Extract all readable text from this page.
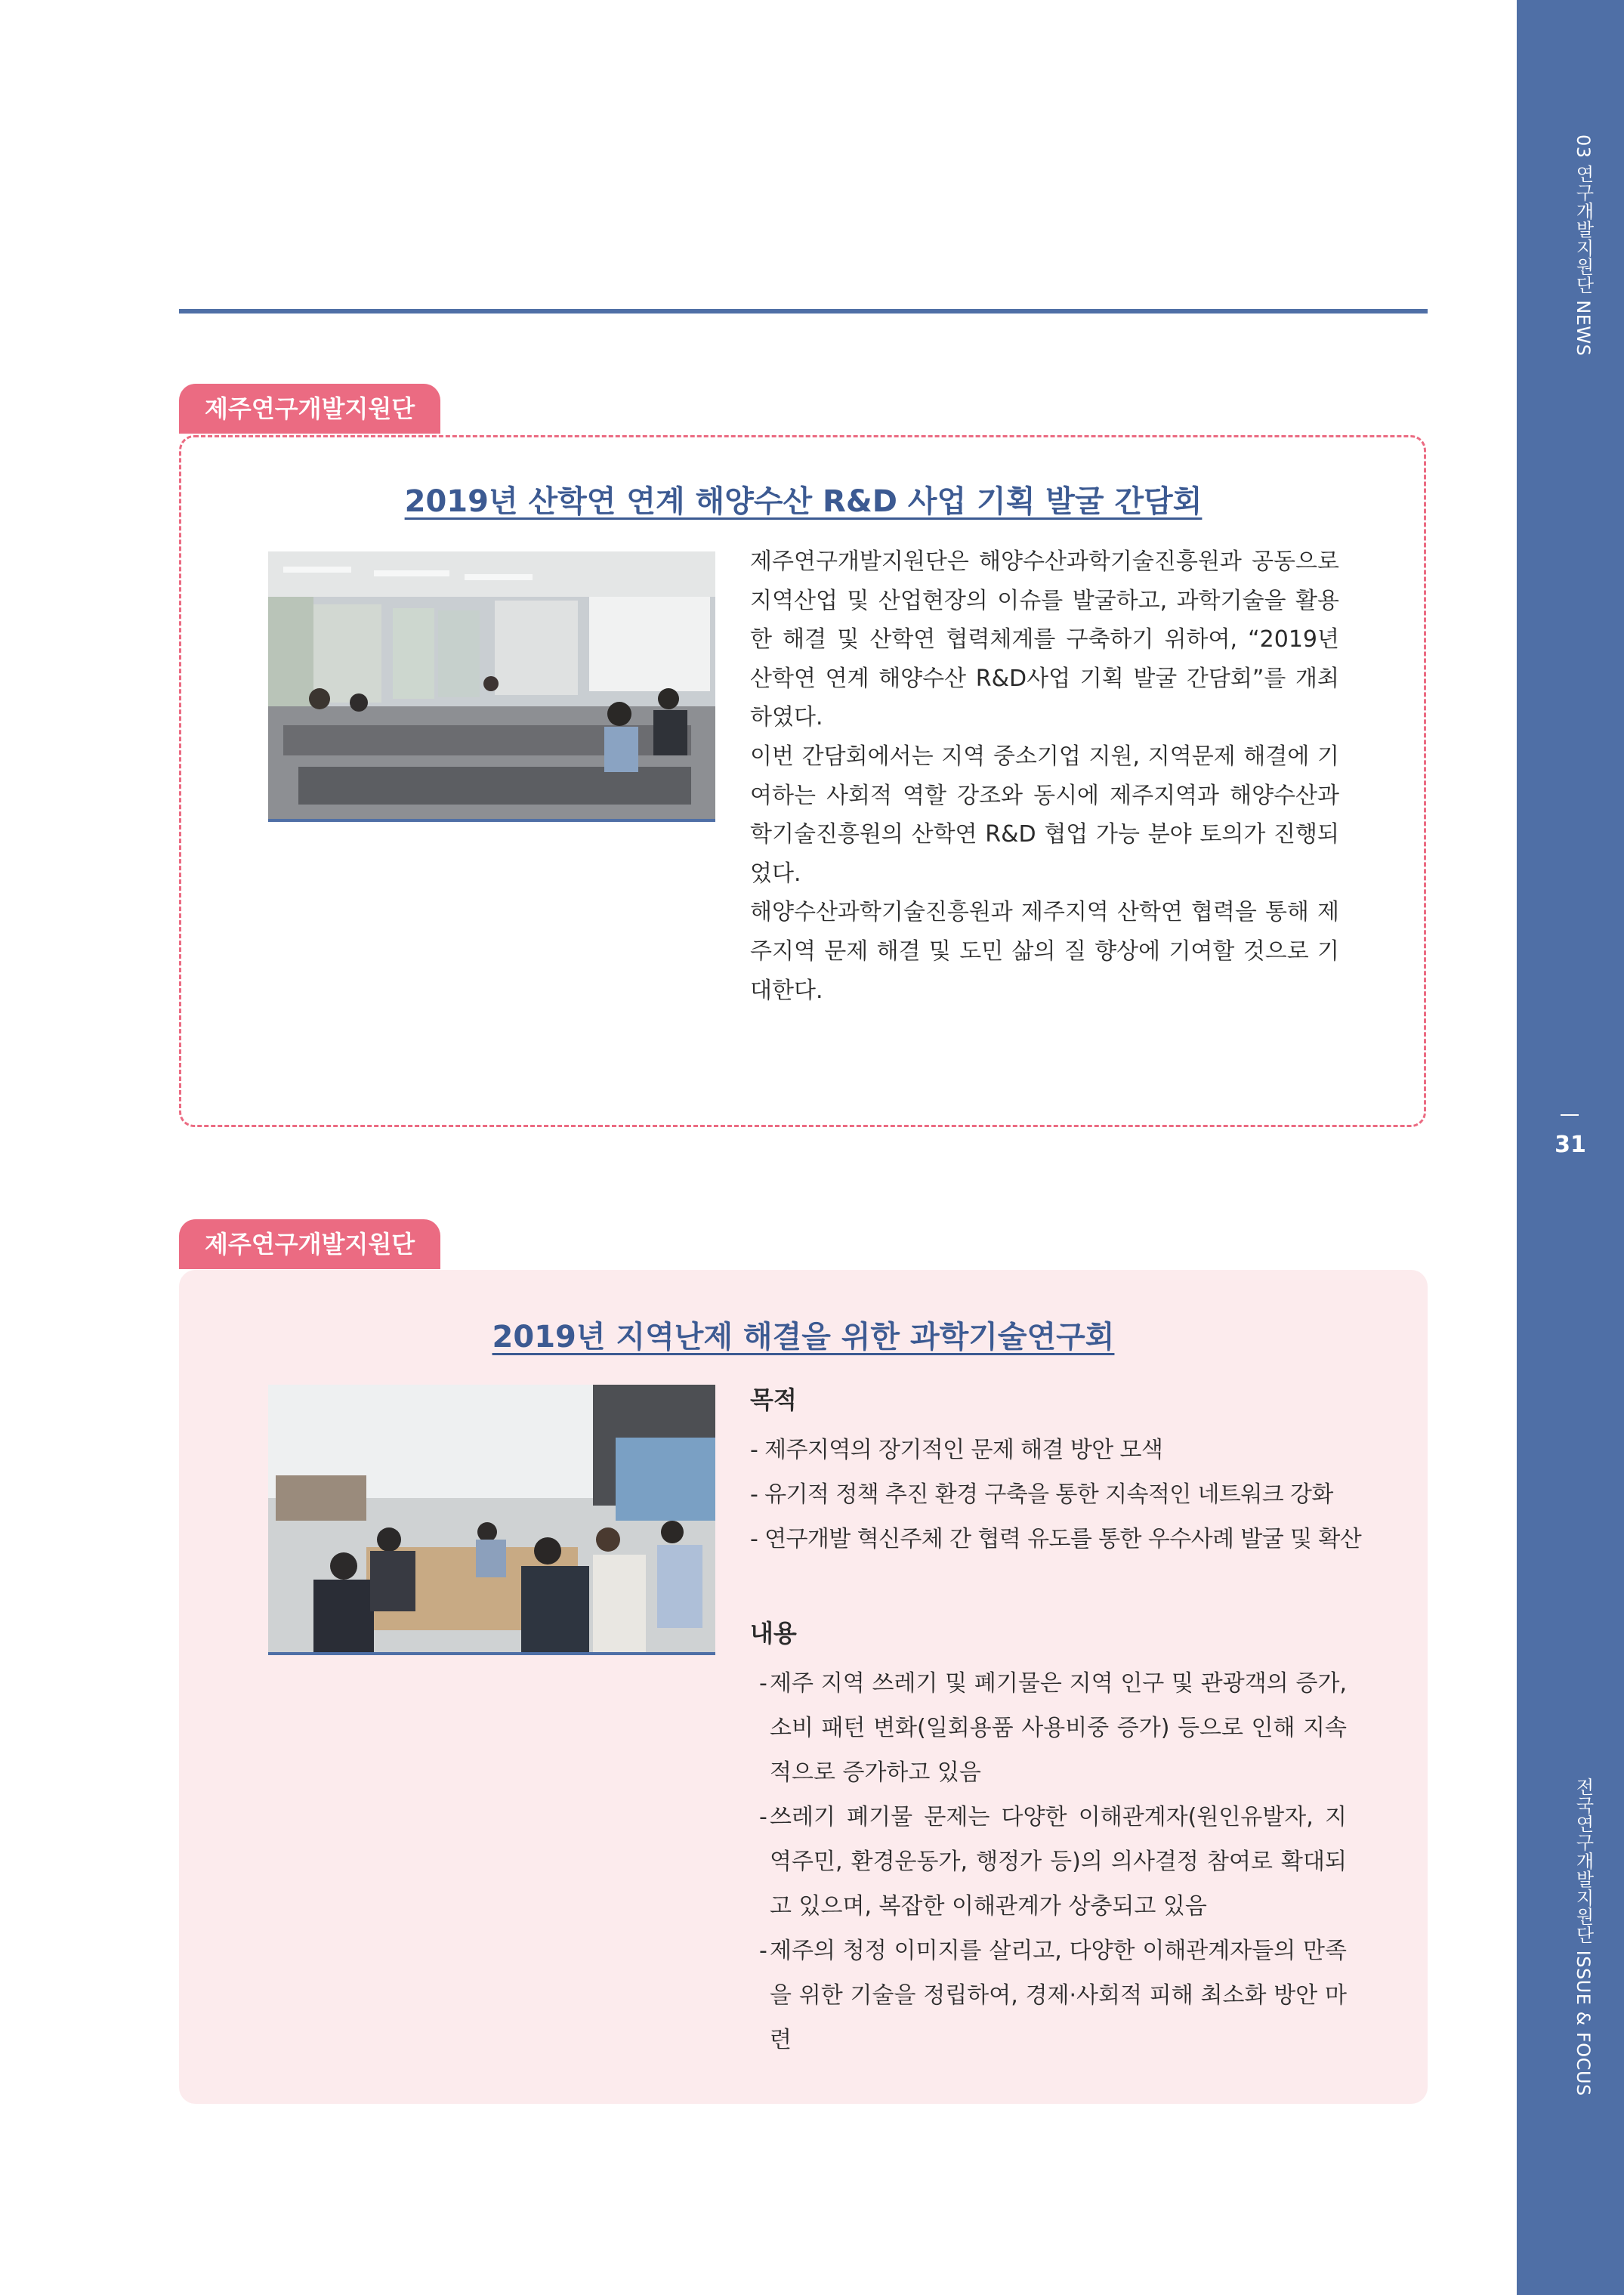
03 연구개발지원단 NEWS
31
전국연구개발지원단 ISSUE & FOCUS
제주연구개발지원단
2019년 산학연 연계 해양수산 R&D 사업 기획 발굴 간담회

제주연구개발지원단은 해양수산과학기술진흥원과 공동으로 지역산업 및 산업현장의 이슈를 발굴하고, 과학기술을 활용한 해결 및 산학연 협력체계를 구축하기 위하여, “2019년 산학연 연계 해양수산 R&D사업 기획 발굴 간담회”를 개최하였다.

이번 간담회에서는 지역 중소기업 지원, 지역문제 해결에 기여하는 사회적 역할 강조와 동시에 제주지역과 해양수산과학기술진흥원의 산학연 R&D 협업 가능 분야 토의가 진행되었다.

해양수산과학기술진흥원과 제주지역 산학연 협력을 통해 제주지역 문제 해결 및 도민 삶의 질 향상에 기여할 것으로 기대한다.

제주연구개발지원단
2019년 지역난제 해결을 위한 과학기술연구회
목적
- 제주지역의 장기적인 문제 해결 방안 모색
- 유기적 정책 추진 환경 구축을 통한 지속적인 네트워크 강화
- 연구개발 혁신주체 간 협력 유도를 통한 우수사례 발굴 및 확산
내용
- 제주 지역 쓰레기 및 폐기물은 지역 인구 및 관광객의 증가, 소비 패턴 변화(일회용품 사용비중 증가) 등으로 인해 지속적으로 증가하고 있음
- 쓰레기 폐기물 문제는 다양한 이해관계자(원인유발자, 지역주민, 환경운동가, 행정가 등)의 의사결정 참여로 확대되고 있으며, 복잡한 이해관계가 상충되고 있음
- 제주의 청정 이미지를 살리고, 다양한 이해관계자들의 만족을 위한 기술을 정립하여, 경제·사회적 피해 최소화 방안 마련
